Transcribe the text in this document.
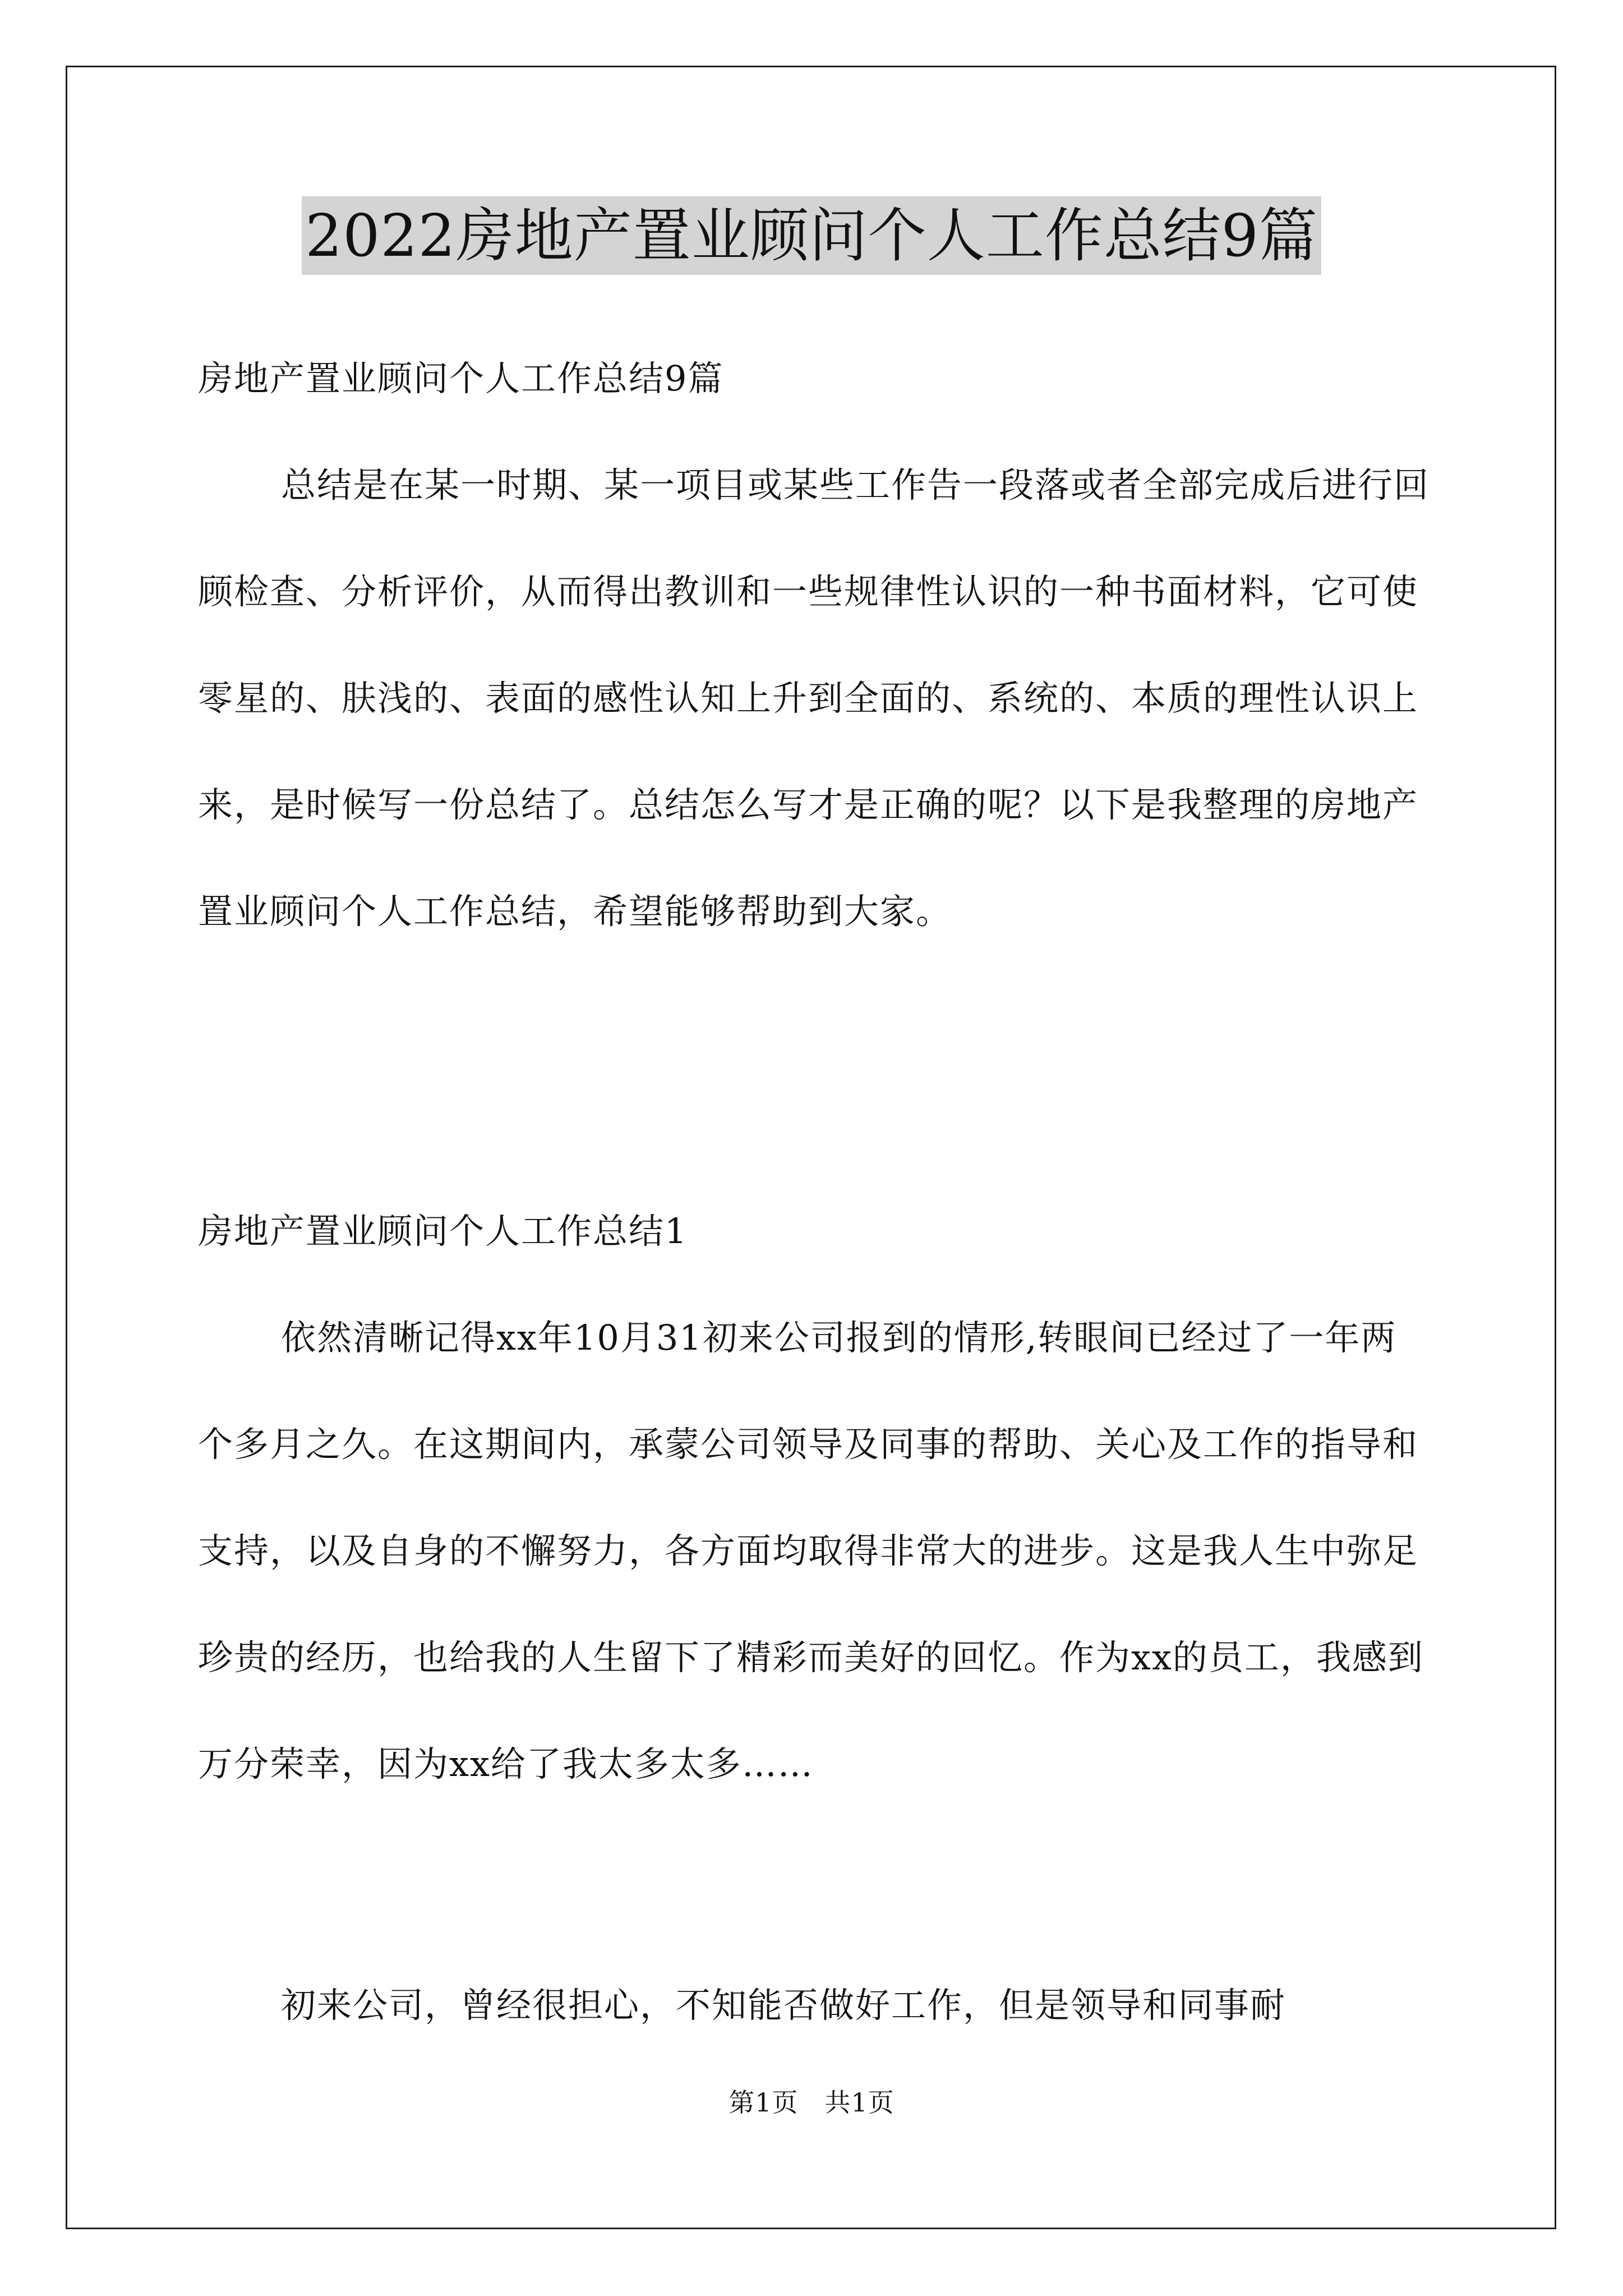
2022房地产置业顾问个人工作总结9篇

房地产置业顾问个人工作总结9篇

总结是在某一时期、某一项目或某些工作告一段落或者全部完成后进行回顾检查、分析评价，从而得出教训和一些规律性认识的一种书面材料，它可使零星的、肤浅的、表面的感性认知上升到全面的、系统的、本质的理性认识上来，是时候写一份总结了。总结怎么写才是正确的呢？以下是我整理的房地产置业顾问个人工作总结，希望能够帮助到大家。

房地产置业顾问个人工作总结1

依然清晰记得xx年10月31初来公司报到的情形,转眼间已经过了一年两个多月之久。在这期间内，承蒙公司领导及同事的帮助、关心及工作的指导和支持，以及自身的不懈努力，各方面均取得非常大的进步。这是我人生中弥足珍贵的经历，也给我的人生留下了精彩而美好的回忆。作为xx的员工，我感到万分荣幸，因为xx给了我太多太多……

初来公司，曾经很担心，不知能否做好工作，但是领导和同事耐

第1页　共1页
